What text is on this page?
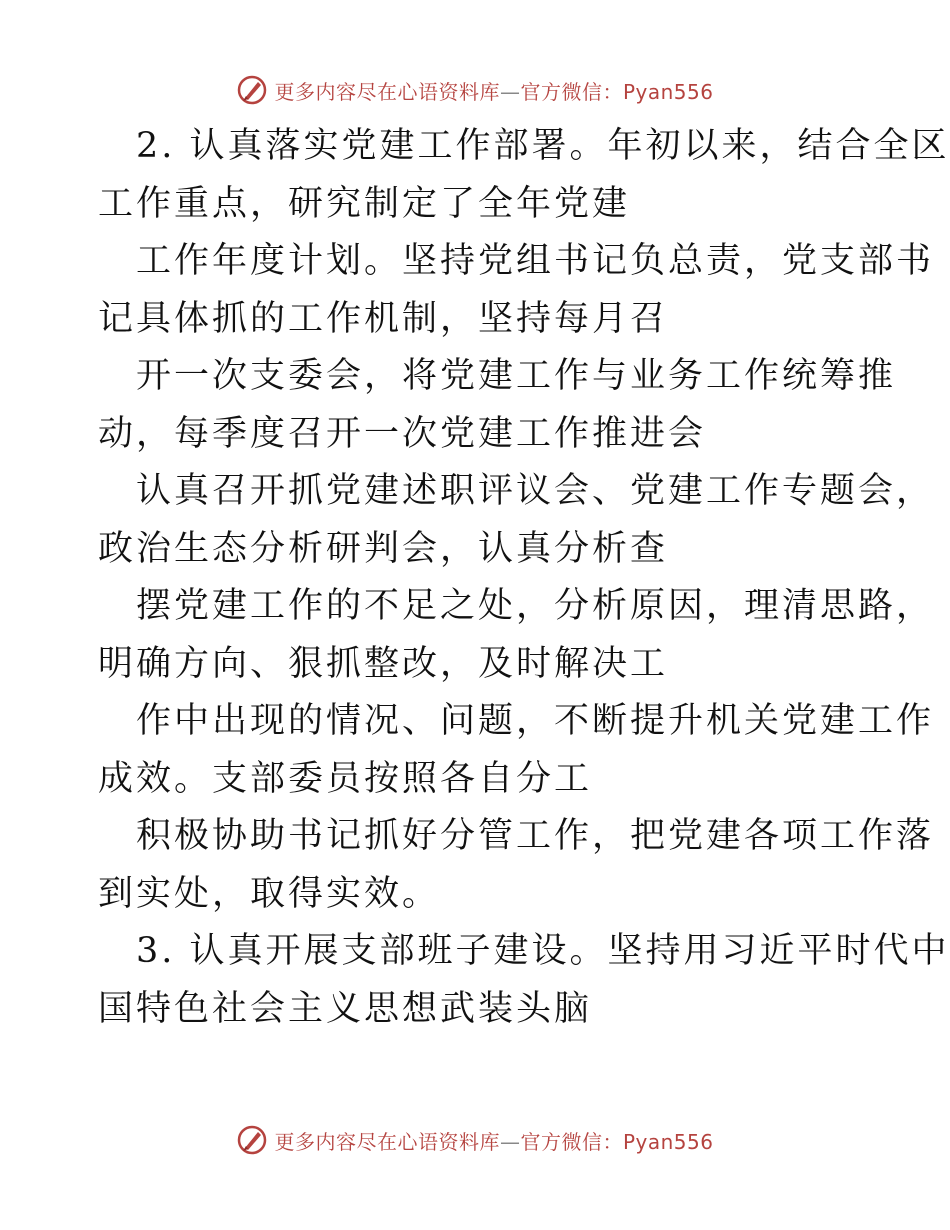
更多内容尽在心语资料库—官方微信：Pyan556

2. 认真落实党建工作部署。年初以来，结合全区
工作重点，研究制定了全年党建

工作年度计划。坚持党组书记负总责，党支部书
记具体抓的工作机制，坚持每月召

开一次支委会，将党建工作与业务工作统筹推
动，每季度召开一次党建工作推进会

认真召开抓党建述职评议会、党建工作专题会，
政治生态分析研判会，认真分析查

摆党建工作的不足之处，分析原因，理清思路，
明确方向、狠抓整改，及时解决工

作中出现的情况、问题，不断提升机关党建工作
成效。支部委员按照各自分工

积极协助书记抓好分管工作，把党建各项工作落
到实处，取得实效。

3. 认真开展支部班子建设。坚持用习近平时代中
国特色社会主义思想武装头脑

更多内容尽在心语资料库—官方微信：Pyan556
